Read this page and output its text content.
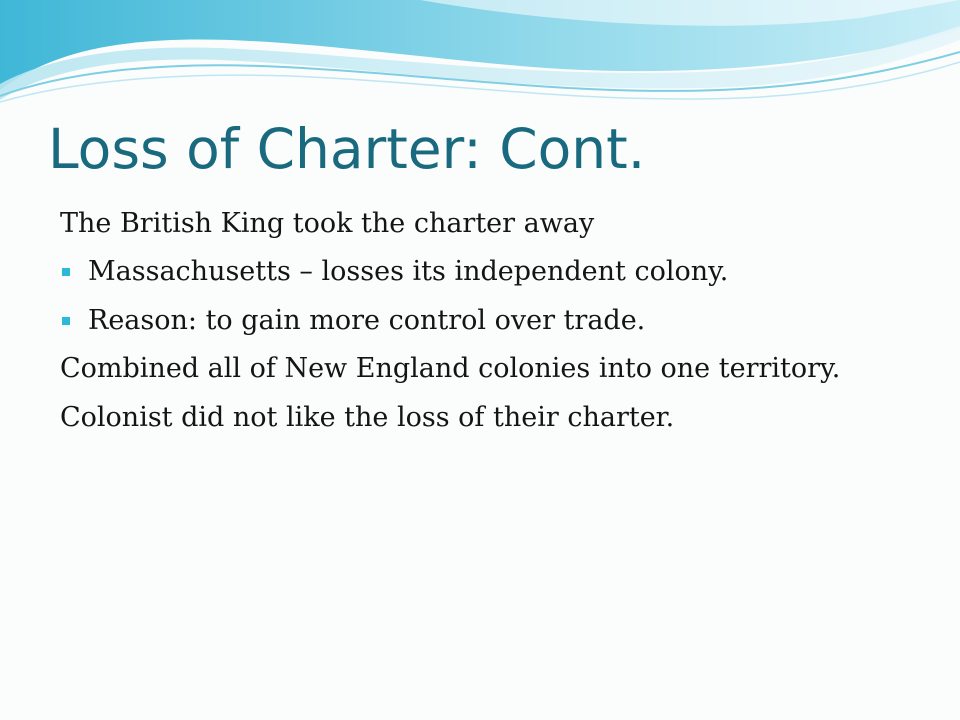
Loss of Charter: Cont.
The British King took the charter away
Massachusetts – losses its independent colony.
Reason: to gain more control over trade.
Combined all of New England colonies into one territory.
Colonist did not like the loss of their charter.
